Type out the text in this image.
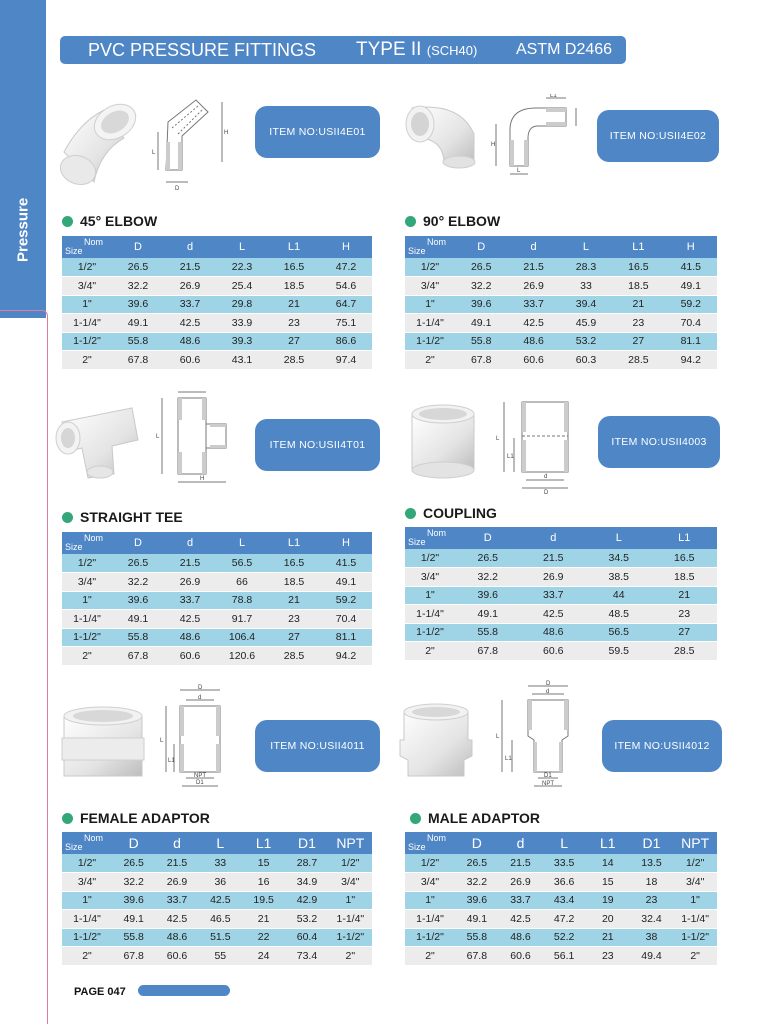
Pressure
PVC PRESSURE FITTINGS TYPE II (SCH40) ASTM D2466
L
D
H	ITEM NO:USII4E01
45° ELBOW
Nom
Size	D	d	L	L1	H
1/2"	26.5	21.5	22.3	16.5	47.2
3/4"	32.2	26.9	25.4	18.5	54.6
1"	39.6	33.7	29.8	21	64.7
1-1/4"	49.1	42.5	33.9	23	75.1
1-1/2"	55.8	48.6	39.3	27	86.6
2"	67.8	60.6	43.1	28.5	97.4
H
L1
L
ITEM NO:USII4E02
90° ELBOW
Nom
Size	D	d	L	L1	H
1/2"	26.5	21.5	28.3	16.5	41.5
3/4"	32.2	26.9	33	18.5	49.1
1"	39.6	33.7	39.4	21	59.2
1-1/4"	49.1	42.5	45.9	23	70.4
1-1/2"	55.8	48.6	53.2	27	81.1
2"	67.8	60.6	60.3	28.5	94.2
L
H
ITEM NO:USII4T01
STRAIGHT TEE
Nom
Size	D	d	L	L1	H
1/2"	26.5	21.5	56.5	16.5	41.5
3/4"	32.2	26.9	66	18.5	49.1
1"	39.6	33.7	78.8	21	59.2
1-1/4"	49.1	42.5	91.7	23	70.4
1-1/2"	55.8	48.6	106.4	27	81.1
2"	67.8	60.6	120.6	28.5	94.2
L
L1
d
D
ITEM NO:USII4003
COUPLING
Nom
Size	D	d	L	L1
1/2"	26.5	21.5	34.5	16.5
3/4"	32.2	26.9	38.5	18.5
1"	39.6	33.7	44	21
1-1/4"	49.1	42.5	48.5	23
1-1/2"	55.8	48.6	56.5	27
2"	67.8	60.6	59.5	28.5
D
d
L
L1
NPT
D1
ITEM NO:USII4011
FEMALE ADAPTOR
Nom
Size	D	d	L	L1	D1	NPT
1/2"	26.5	21.5	33	15	28.7	1/2"
3/4"	32.2	26.9	36	16	34.9	3/4"
1"	39.6	33.7	42.5	19.5	42.9	1"
1-1/4"	49.1	42.5	46.5	21	53.2	1-1/4"
1-1/2"	55.8	48.6	51.5	22	60.4	1-1/2"
2"	67.8	60.6	55	24	73.4	2"
D
d
L
L1
D1
NPT
ITEM NO:USII4012
MALE ADAPTOR
Nom
Size	D	d	L	L1	D1	NPT
1/2"	26.5	21.5	33.5	14	13.5	1/2"
3/4"	32.2	26.9	36.6	15	18	3/4"
1"	39.6	33.7	43.4	19	23	1"
1-1/4"	49.1	42.5	47.2	20	32.4	1-1/4"
1-1/2"	55.8	48.6	52.2	21	38	1-1/2"
2"	67.8	60.6	56.1	23	49.4	2"
PAGE 047
